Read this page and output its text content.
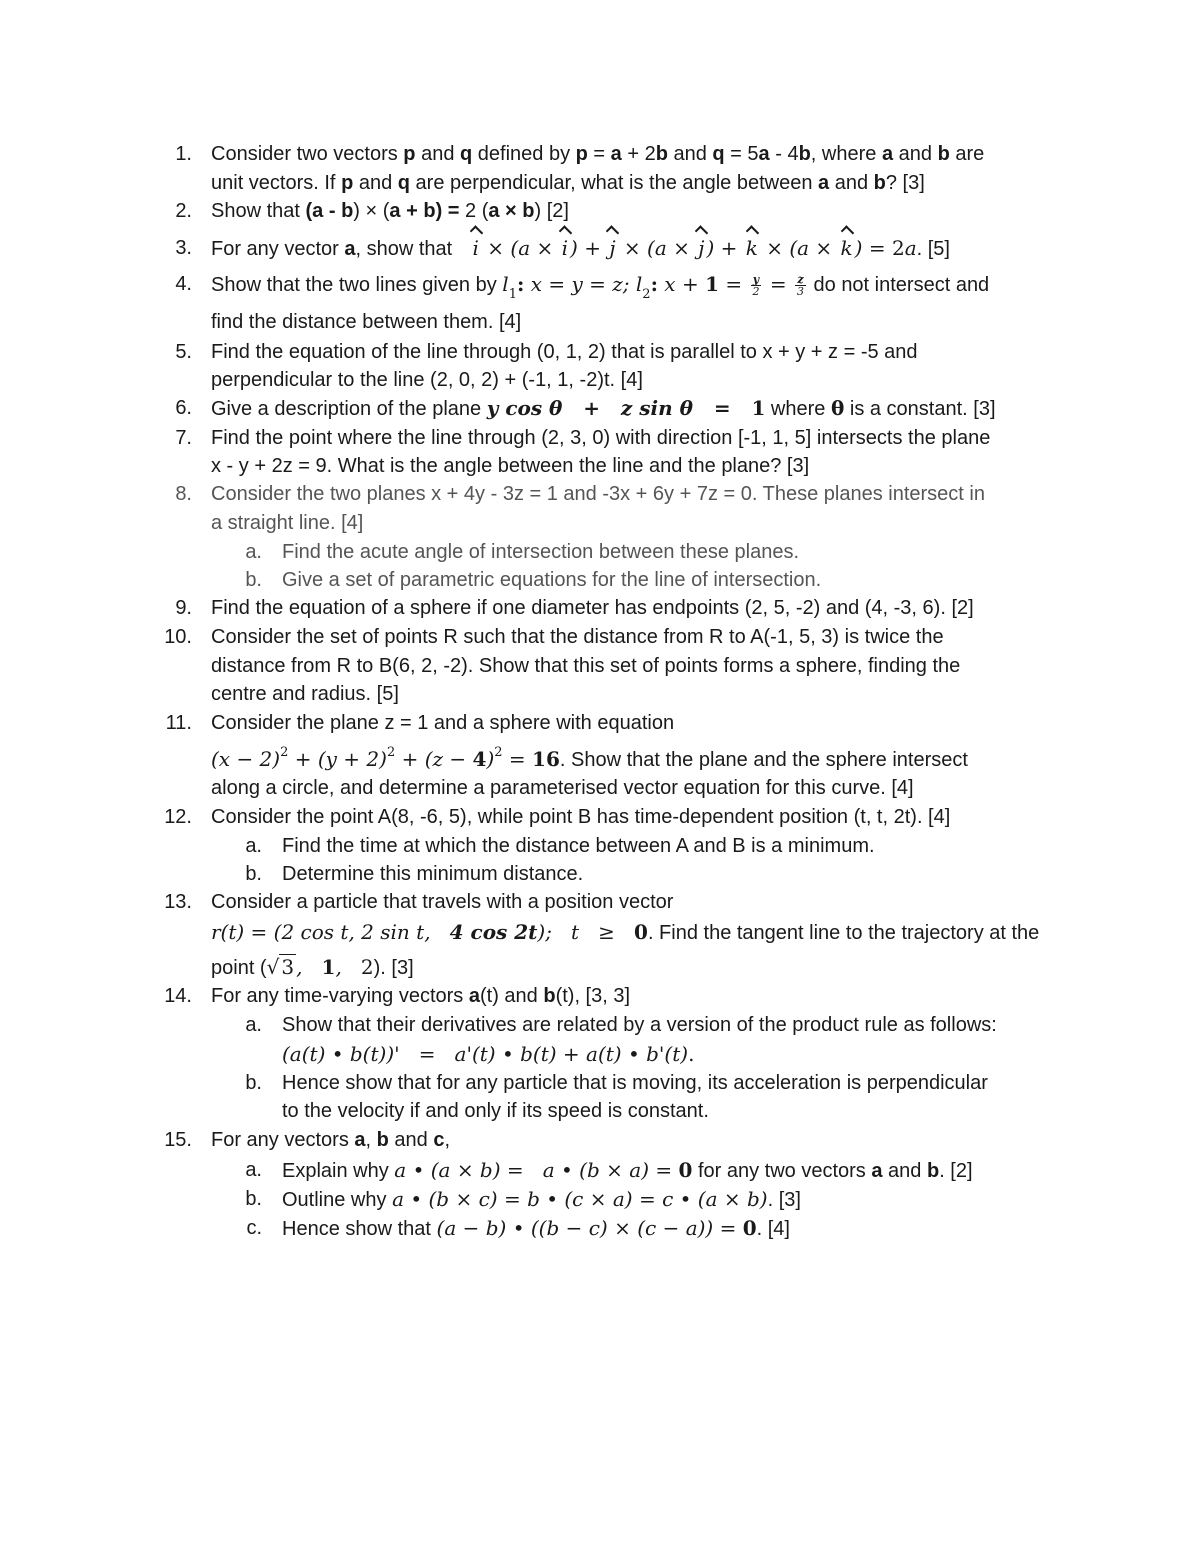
1. Consider two vectors p and q defined by p = a + 2b and q = 5a - 4b, where a and b are
unit vectors. If p and q are perpendicular, what is the angle between a and b? [3]
2. Show that (a - b) × (a + b) = 2 (a × b) [2]
3. For any vector a, show that  i × (a × i ) + j × (a × j ) + k × (a × k ) = 2a. [5]
4. Show that the two lines given by $l_1$: x = y = z; $l_2$: $x + 1 = \frac{y}{2} = \frac{z}{3}$ do not intersect and
find the distance between them. [4]
5. Find the equation of the line through (0, 1, 2) that is parallel to x + y + z = -5 and
perpendicular to the line (2, 0, 2) + (-1, 1, -2)t. [4]
6. Give a description of the plane y cos θ  +  z sin θ  =  1 where θ is a constant. [3]
7. Find the point where the line through (2, 3, 0) with direction [-1, 1, 5] intersects the plane
x - y + 2z = 9. What is the angle between the line and the plane? [3]
8. Consider the two planes x + 4y - 3z = 1 and -3x + 6y + 7z = 0. These planes intersect in
a straight line. [4]
a. Find the acute angle of intersection between these planes.
b. Give a set of parametric equations for the line of intersection.
9. Find the equation of a sphere if one diameter has endpoints (2, 5, -2) and (4, -3, 6). [2]
10. Consider the set of points R such that the distance from R to A(-1, 5, 3) is twice the
distance from R to B(6, 2, -2). Show that this set of points forms a sphere, finding the
centre and radius. [5]
11. Consider the plane z = 1 and a sphere with equation
$(x - 2)^2 + (y + 2)^2 + (z - 4)^2 = 16$. Show that the plane and the sphere intersect
along a circle, and determine a parameterised vector equation for this curve. [4]
12. Consider the point A(8, -6, 5), while point B has time-dependent position (t, t, 2t). [4]
a. Find the time at which the distance between A and B is a minimum.
b. Determine this minimum distance.
13. Consider a particle that travels with a position vector
r(t) = (2 cos t, 2 sin t,  4 cos 2t);  t  ≥  0. Find the tangent line to the trajectory at the
point (√ 3 ,  1,  2). [3]
14. For any time-varying vectors a(t) and b(t), [3, 3]
a. Show that their derivatives are related by a version of the product rule as follows:
(a(t) • b(t))'  =  a'(t) • b(t) + a(t) • b'(t).
b. Hence show that for any particle that is moving, its acceleration is perpendicular
to the velocity if and only if its speed is constant.
15. For any vectors a, b and c,
a. Explain why a • (a × b) =  a • (b × a) = 0 for any two vectors a and b. [2]
b. Outline why a • (b × c) = b • (c × a) = c • (a × b). [3]
c. Hence show that (a − b) • ((b − c) × (c − a)) = 0. [4]
